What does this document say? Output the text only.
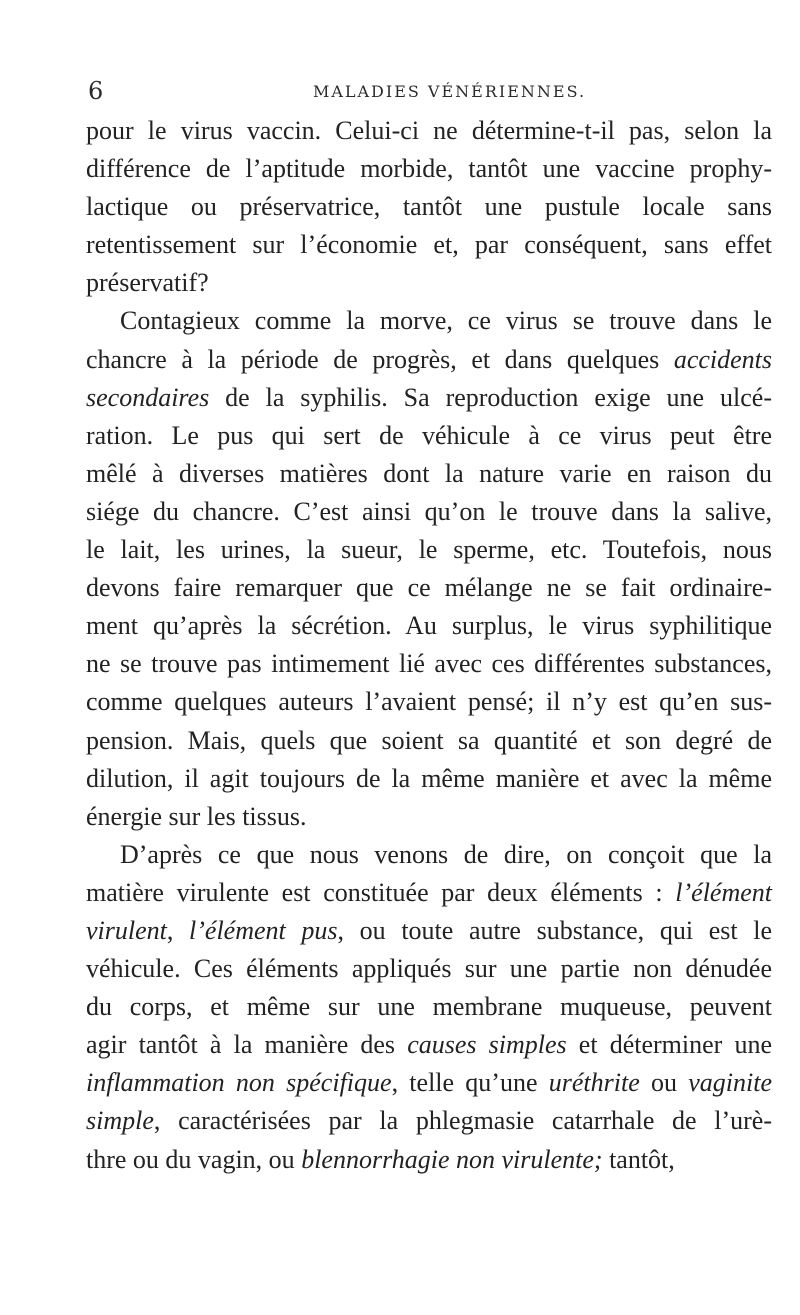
6	MALADIES VÉNÉRIENNES.
pour le virus vaccin. Celui-ci ne détermine-t-il pas, selon la
différence de l’aptitude morbide, tantôt une vaccine prophy-
lactique ou préservatrice, tantôt une pustule locale sans
retentissement sur l’économie et, par conséquent, sans effet
préservatif?
Contagieux comme la morve, ce virus se trouve dans le
chancre à la période de progrès, et dans quelques accidents
secondaires de la syphilis. Sa reproduction exige une ulcé-
ration. Le pus qui sert de véhicule à ce virus peut être
mêlé à diverses matières dont la nature varie en raison du
siége du chancre. C’est ainsi qu’on le trouve dans la salive,
le lait, les urines, la sueur, le sperme, etc. Toutefois, nous
devons faire remarquer que ce mélange ne se fait ordinaire-
ment qu’après la sécrétion. Au surplus, le virus syphilitique
ne se trouve pas intimement lié avec ces différentes substances,
comme quelques auteurs l’avaient pensé; il n’y est qu’en sus-
pension. Mais, quels que soient sa quantité et son degré de
dilution, il agit toujours de la même manière et avec la même
énergie sur les tissus.
D’après ce que nous venons de dire, on conçoit que la
matière virulente est constituée par deux éléments : l’élément
virulent, l’élément pus, ou toute autre substance, qui est le
véhicule. Ces éléments appliqués sur une partie non dénudée
du corps, et même sur une membrane muqueuse, peuvent
agir tantôt à la manière des causes simples et déterminer une
inflammation non spécifique, telle qu’une uréthrite ou vaginite
simple, caractérisées par la phlegmasie catarrhale de l’urè-
thre ou du vagin, ou blennorrhagie non virulente; tantôt,
